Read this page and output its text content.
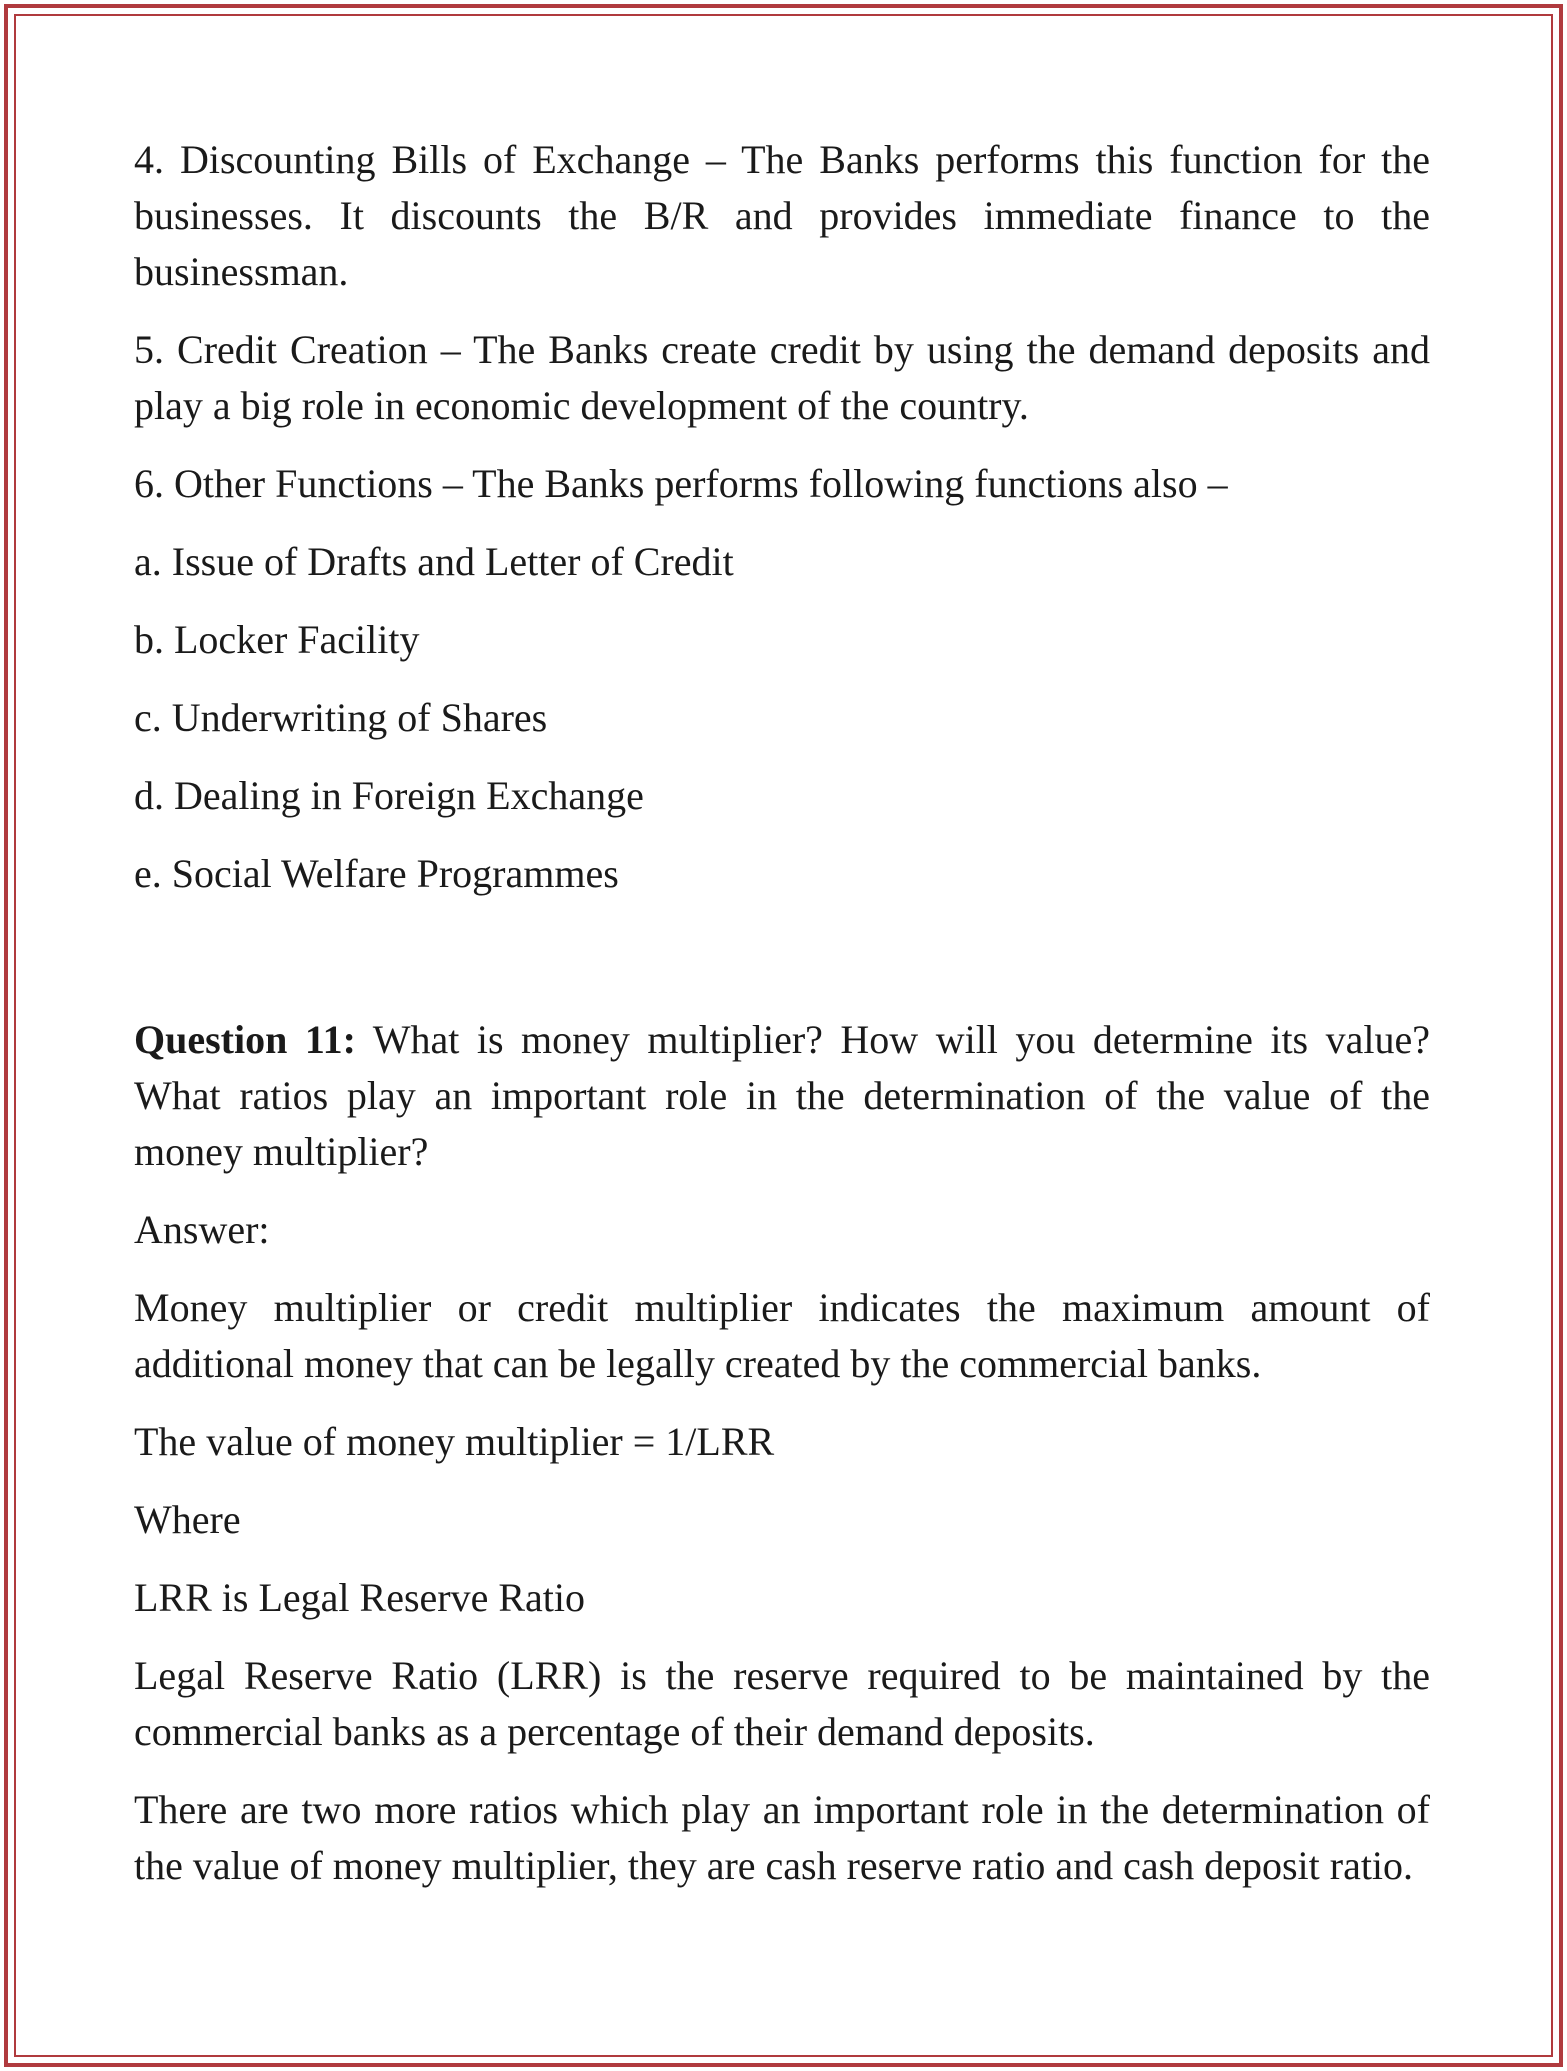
4. Discounting Bills of Exchange – The Banks performs this function for the businesses. It discounts the B/R and provides immediate finance to the businessman.

5. Credit Creation – The Banks create credit by using the demand deposits and play a big role in economic development of the country.

6. Other Functions – The Banks performs following functions also –

a. Issue of Drafts and Letter of Credit

b. Locker Facility

c. Underwriting of Shares

d. Dealing in Foreign Exchange

e. Social Welfare Programmes

Question 11: What is money multiplier? How will you determine its value? What ratios play an important role in the determination of the value of the money multiplier?

Answer:

Money multiplier or credit multiplier indicates the maximum amount of additional money that can be legally created by the commercial banks.

The value of money multiplier = 1/LRR

Where

LRR is Legal Reserve Ratio

Legal Reserve Ratio (LRR) is the reserve required to be maintained by the commercial banks as a percentage of their demand deposits.

There are two more ratios which play an important role in the determination of the value of money multiplier, they are cash reserve ratio and cash deposit ratio.
